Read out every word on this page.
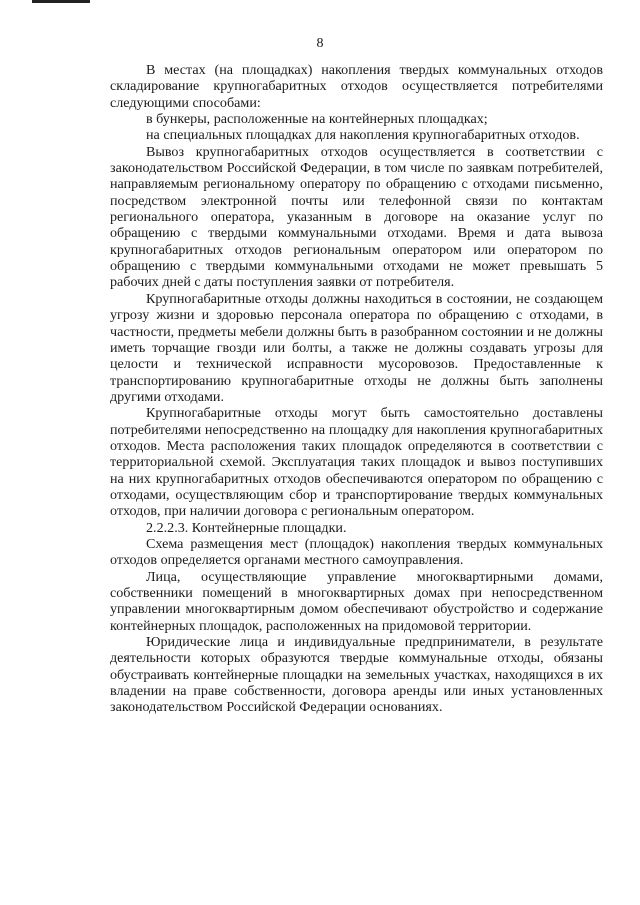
8

В местах (на площадках) накопления твердых коммунальных отходов складирование крупногабаритных отходов осуществляется потребителями следующими способами:

в бункеры, расположенные на контейнерных площадках;

на специальных площадках для накопления крупногабаритных отходов.

Вывоз крупногабаритных отходов осуществляется в соответствии с законодательством Российской Федерации, в том числе по заявкам потребителей, направляемым региональному оператору по обращению с отходами письменно, посредством электронной почты или телефонной связи по контактам регионального оператора, указанным в договоре на оказание услуг по обращению с твердыми коммунальными отходами. Время и дата вывоза крупногабаритных отходов региональным оператором или оператором по обращению с твердыми коммунальными отходами не может превышать 5 рабочих дней с даты поступления заявки от потребителя.

Крупногабаритные отходы должны находиться в состоянии, не создающем угрозу жизни и здоровью персонала оператора по обращению с отходами, в частности, предметы мебели должны быть в разобранном состоянии и не должны иметь торчащие гвозди или болты, а также не должны создавать угрозы для целости и технической исправности мусоровозов. Предоставленные к транспортированию крупногабаритные отходы не должны быть заполнены другими отходами.

Крупногабаритные отходы могут быть самостоятельно доставлены потребителями непосредственно на площадку для накопления крупногабаритных отходов. Места расположения таких площадок определяются в соответствии с территориальной схемой. Эксплуатация таких площадок и вывоз поступивших на них крупногабаритных отходов обеспечиваются оператором по обращению с отходами, осуществляющим сбор и транспортирование твердых коммунальных отходов, при наличии договора с региональным оператором.

2.2.2.3. Контейнерные площадки.

Схема размещения мест (площадок) накопления твердых коммунальных отходов определяется органами местного самоуправления.

Лица, осуществляющие управление многоквартирными домами, собственники помещений в многоквартирных домах при непосредственном управлении многоквартирным домом обеспечивают обустройство и содержание контейнерных площадок, расположенных на придомовой территории.

Юридические лица и индивидуальные предприниматели, в результате деятельности которых образуются твердые коммунальные отходы, обязаны обустраивать контейнерные площадки на земельных участках, находящихся в их владении на праве собственности, договора аренды или иных установленных законодательством Российской Федерации основаниях.
